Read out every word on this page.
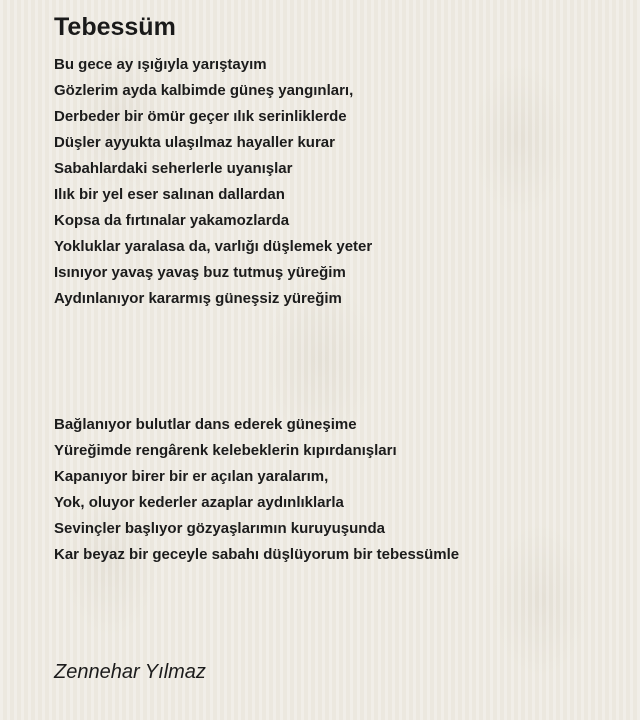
Tebessüm
Bu gece ay ışığıyla yarıştayım
Gözlerim ayda kalbimde güneş yangınları,
Derbeder bir ömür geçer ılık serinliklerde
Düşler ayyukta ulaşılmaz hayaller kurar
Sabahlardaki seherlerle uyanışlar
Ilık bir yel eser salınan dallardan
Kopsa da fırtınalar yakamozlarda
Yokluklar yaralasa da, varlığı düşlemek yeter
Isınıyor yavaş yavaş buz tutmuş yüreğim
Aydınlanıyor kararmış güneşsiz yüreğim
Bağlanıyor bulutlar dans ederek güneşime
Yüreğimde rengârenk kelebeklerin kıpırdanışları
Kapanıyor birer bir er açılan yaralarım,
Yok, oluyor kederler azaplar aydınlıklarla
Sevinçler başlıyor gözyaşlarımın kuruyuşunda
Kar beyaz bir geceyle sabahı düşlüyorum bir tebessümle
Zennehar Yılmaz
